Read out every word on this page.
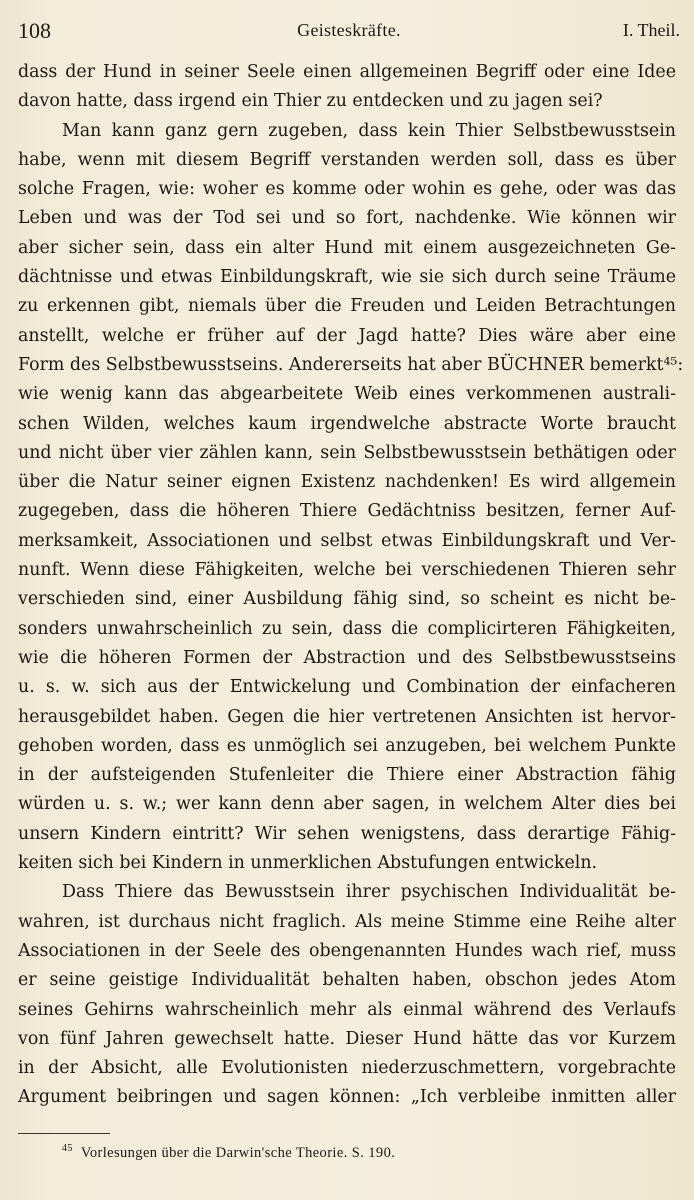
108	Geisteskräfte.	I. Theil.
dass der Hund in seiner Seele einen allgemeinen Begriff oder eine Idee
davon hatte, dass irgend ein Thier zu entdecken und zu jagen sei?
Man kann ganz gern zugeben, dass kein Thier Selbstbewusstsein
habe, wenn mit diesem Begriff verstanden werden soll, dass es über
solche Fragen, wie: woher es komme oder wohin es gehe, oder was das
Leben und was der Tod sei und so fort, nachdenke. Wie können wir
aber sicher sein, dass ein alter Hund mit einem ausgezeichneten Ge-
dächtnisse und etwas Einbildungskraft, wie sie sich durch seine Träume
zu erkennen gibt, niemals über die Freuden und Leiden Betrachtungen
anstellt, welche er früher auf der Jagd hatte? Dies wäre aber eine
Form des Selbstbewusstseins. Andererseits hat aber BÜCHNER bemerkt⁴⁵:
wie wenig kann das abgearbeitete Weib eines verkommenen australi-
schen Wilden, welches kaum irgendwelche abstracte Worte braucht
und nicht über vier zählen kann, sein Selbstbewusstsein bethätigen oder
über die Natur seiner eignen Existenz nachdenken! Es wird allgemein
zugegeben, dass die höheren Thiere Gedächtniss besitzen, ferner Auf-
merksamkeit, Associationen und selbst etwas Einbildungskraft und Ver-
nunft. Wenn diese Fähigkeiten, welche bei verschiedenen Thieren sehr
verschieden sind, einer Ausbildung fähig sind, so scheint es nicht be-
sonders unwahrscheinlich zu sein, dass die complicirteren Fähigkeiten,
wie die höheren Formen der Abstraction und des Selbstbewusstseins
u. s. w. sich aus der Entwickelung und Combination der einfacheren
herausgebildet haben. Gegen die hier vertretenen Ansichten ist hervor-
gehoben worden, dass es unmöglich sei anzugeben, bei welchem Punkte
in der aufsteigenden Stufenleiter die Thiere einer Abstraction fähig
würden u. s. w.; wer kann denn aber sagen, in welchem Alter dies bei
unsern Kindern eintritt? Wir sehen wenigstens, dass derartige Fähig-
keiten sich bei Kindern in unmerklichen Abstufungen entwickeln.
Dass Thiere das Bewusstsein ihrer psychischen Individualität be-
wahren, ist durchaus nicht fraglich. Als meine Stimme eine Reihe alter
Associationen in der Seele des obengenannten Hundes wach rief, muss
er seine geistige Individualität behalten haben, obschon jedes Atom
seines Gehirns wahrscheinlich mehr als einmal während des Verlaufs
von fünf Jahren gewechselt hatte. Dieser Hund hätte das vor Kurzem
in der Absicht, alle Evolutionisten niederzuschmettern, vorgebrachte
Argument beibringen und sagen können: „Ich verbleibe inmitten aller
$^{45}$ Vorlesungen über die Darwin'sche Theorie. S. 190.
